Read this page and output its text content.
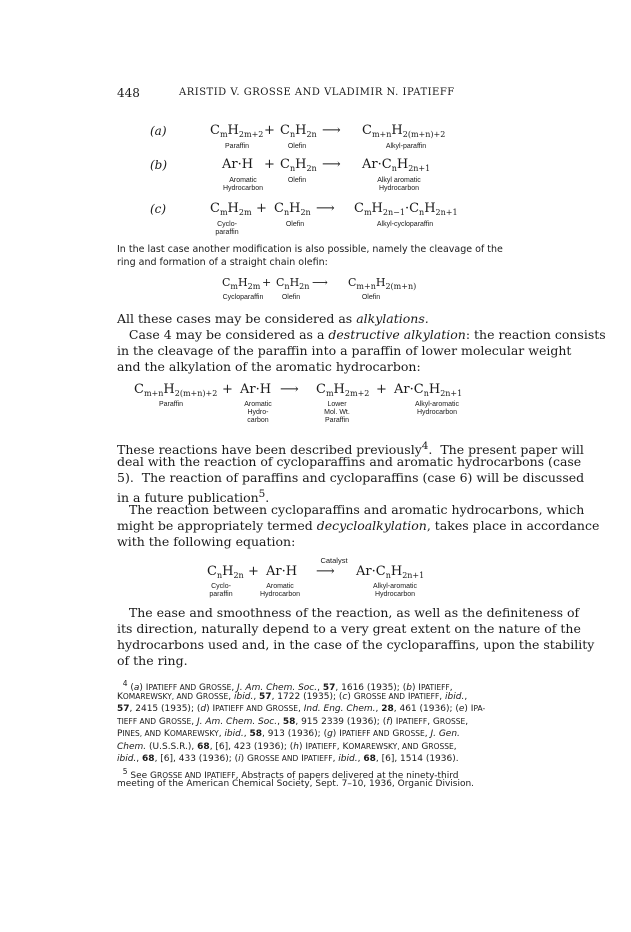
448	ARISTID V. GROSSE AND VLADIMIR N. IPATIEFF
(a)	$C_mH_{2m+2} + C_nH_{2n}$ ⟶ $C_{m+n}H_{2(m+n)+2}$
Paraffin	Olefin	Alkyl-paraffin
(b)	$Ar\cdot H + C_nH_{2n}$ ⟶ $Ar\cdot C_nH_{2n+1}$
Aromatic
Hydrocarbon
Olefin	Alkyl aromatic
Hydrocarbon
(c)	$C_mH_{2m} + C_nH_{2n}$ ⟶ $C_mH_{2n-1}\cdot C_nH_{2n+1}$
Cyclo-
paraffin
Olefin	Alkyl-cycloparaffin
In the last case another modification is also possible, namely the cleavage of the
ring and formation of a straight chain olefin:
$C_mH_{2m} + C_nH_{2n}$ ⟶ $C_{m+n}H_{2(m+n)}$
Cycloparaffin	Olefin	Olefin
All these cases may be considered as alkylations.
Case 4 may be considered as a destructive alkylation: the reaction consists
in the cleavage of the paraffin into a paraffin of lower molecular weight
and the alkylation of the aromatic hydrocarbon:
$C_{m+n}H_{2(m+n)+2} + Ar\cdot H$ ⟶ $C_mH_{2m+2} + Ar\cdot C_nH_{2n+1}$
Paraffin	Aromatic
Hydro-
carbon
Lower
Mol. Wt.
Paraffin
Alkyl-aromatic
Hydrocarbon
These reactions have been described previously$^4$.  The present paper will
deal with the reaction of cycloparaffins and aromatic hydrocarbons (case
5).  The reaction of paraffins and cycloparaffins (case 6) will be discussed
in a future publication$^5$.
The reaction between cycloparaffins and aromatic hydrocarbons, which
might be appropriately termed decycloalkylation, takes place in accordance
with the following equation:
$C_nH_{2n} + Ar\cdot H$
Catalyst
⟶ $Ar\cdot C_nH_{2n+1}$
Cyclo-
paraffin
Aromatic
Hydrocarbon
Alkyl-aromatic
Hydrocarbon
The ease and smoothness of the reaction, as well as the definiteness of
its direction, naturally depend to a very great extent on the nature of the
hydrocarbons used and, in the case of the cycloparaffins, upon the stability
of the ring.
$^4$ (a) IPATIEFF AND GROSSE, J. Am. Chem. Soc., 57, 1616 (1935); (b) IPATIEFF,
KOMAREWSKY, AND GROSSE, ibid., 57, 1722 (1935); (c) GROSSE AND IPATIEFF, ibid.,
57, 2415 (1935); (d) IPATIEFF AND GROSSE, Ind. Eng. Chem., 28, 461 (1936); (e) IPA-
TIEFF AND GROSSE, J. Am. Chem. Soc., 58, 915 2339 (1936); (f) IPATIEFF, GROSSE,
PINES, AND KOMAREWSKY, ibid., 58, 913 (1936); (g) IPATIEFF AND GROSSE, J. Gen.
Chem. (U.S.S.R.), 68, [6], 423 (1936); (h) IPATIEFF, KOMAREWSKY, AND GROSSE,
ibid., 68, [6], 433 (1936); (i) GROSSE AND IPATIEFF, ibid., 68, [6], 1514 (1936).
$^5$ See GROSSE AND IPATIEFF, Abstracts of papers delivered at the ninety-third
meeting of the American Chemical Society, Sept. 7–10, 1936, Organic Division.
